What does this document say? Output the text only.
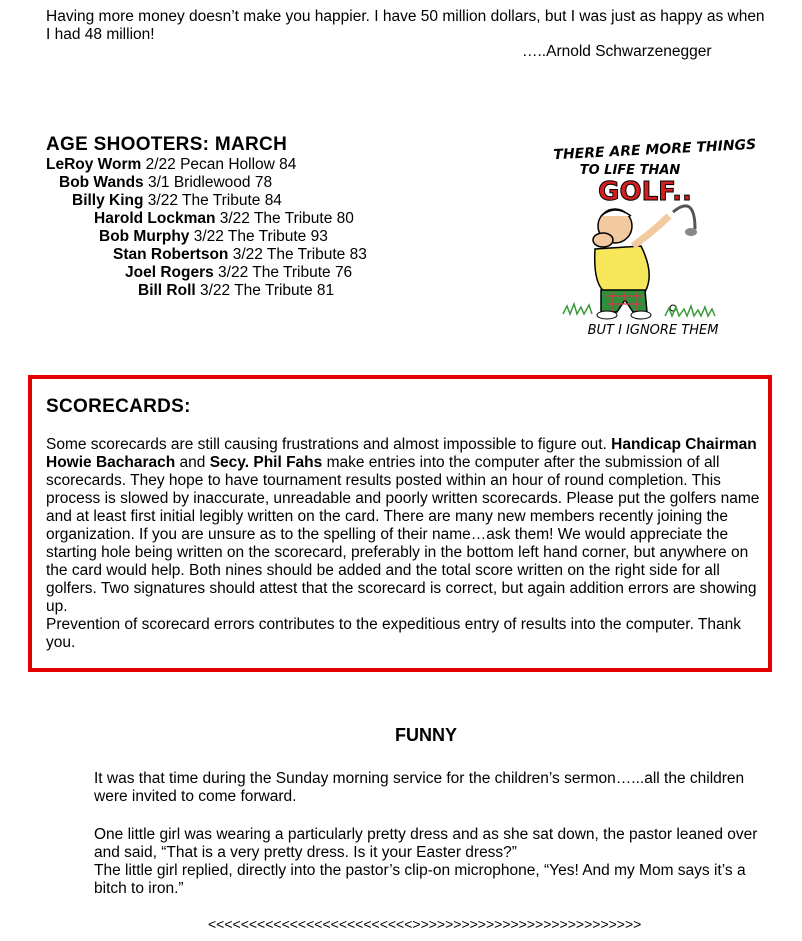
Having more money doesn’t make you happier. I have 50 million dollars, but I was just as happy as when I had 48 million!
…..Arnold Schwarzenegger
AGE SHOOTERS: MARCH
LeRoy Worm 2/22 Pecan Hollow 84
Bob Wands 3/1 Bridlewood 78
Billy King 3/22 The Tribute 84
Harold Lockman 3/22 The Tribute 80
Bob Murphy 3/22 The Tribute 93
Stan Robertson 3/22 The Tribute 83
Joel Rogers 3/22 The Tribute 76
Bill Roll 3/22 The Tribute 81
THERE ARE MORE THINGS
TO LIFE THAN
GOLF..
BUT I IGNORE THEM
SCORECARDS:
Some scorecards are still causing frustrations and almost impossible to figure out. Handicap Chairman Howie Bacharach and Secy. Phil Fahs make entries into the computer after the submission of all scorecards. They hope to have tournament results posted within an hour of round completion. This process is slowed by inaccurate, unreadable and poorly written scorecards. Please put the golfers name and at least first initial legibly written on the card. There are many new members recently joining the organization. If you are unsure as to the spelling of their name…ask them! We would appreciate the starting hole being written on the scorecard, preferably in the bottom left hand corner, but anywhere on the card would help. Both nines should be added and the total score written on the right side for all golfers. Two signatures should attest that the scorecard is correct, but again addition errors are showing up.
Prevention of scorecard errors contributes to the expeditious entry of results into the computer. Thank you.
FUNNY
It was that time during the Sunday morning service for the children’s sermon…...all the children were invited to come forward.
One little girl was wearing a particularly pretty dress and as she sat down, the pastor leaned over and said, “That is a very pretty dress. Is it your Easter dress?”
The little girl replied, directly into the pastor’s clip-on microphone, “Yes! And my Mom says it’s a bitch to iron.”
<<<<<<<<<<<<<<<<<<<<<<<<<>>>>>>>>>>>>>>>>>>>>>>>>>>>>
